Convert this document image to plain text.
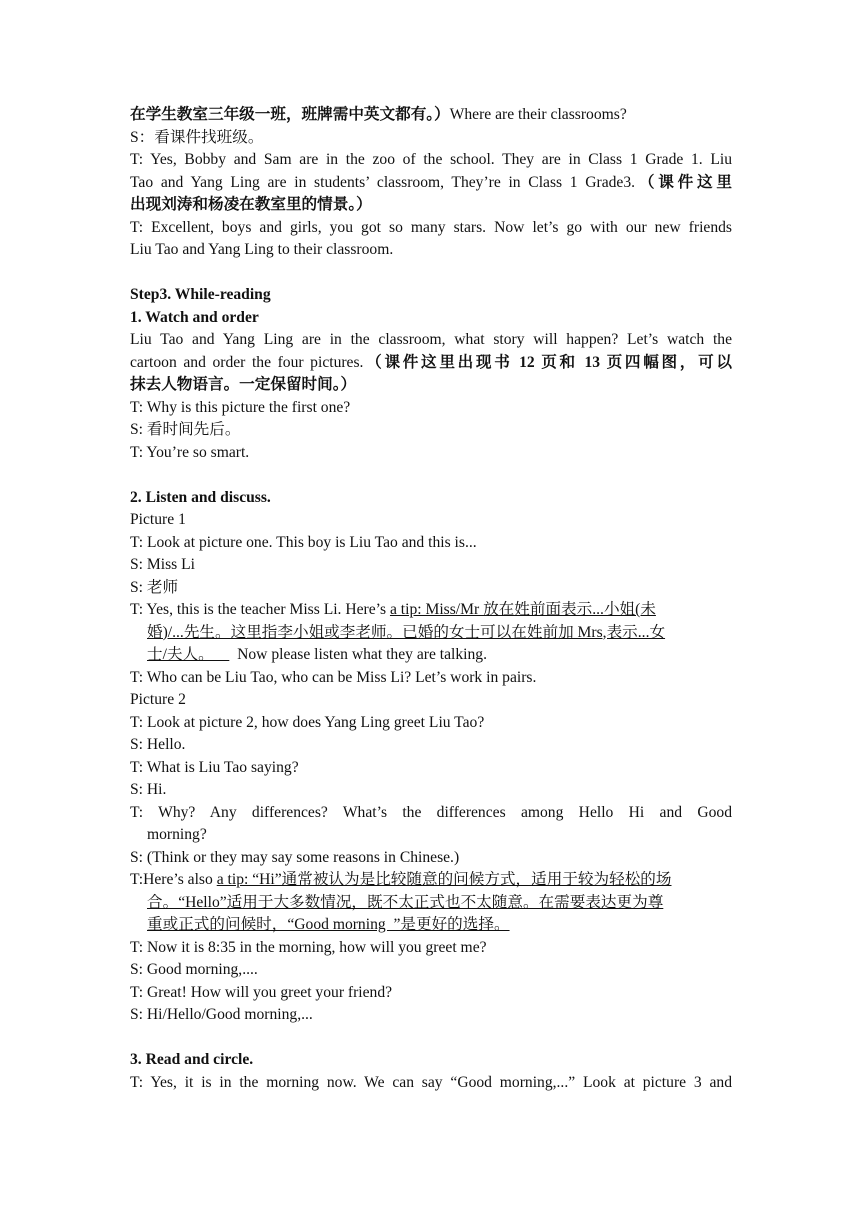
在学生教室三年级一班，班牌需中英文都有。）Where are their classrooms?
S：看课件找班级。
T: Yes, Bobby and Sam are in the zoo of the school. They are in Class 1 Grade 1. Liu
Tao and Yang Ling are in students’ classroom, They’re in Class 1 Grade3.（课件这里
出现刘涛和杨凌在教室里的情景。）
T: Excellent, boys and girls, you got so many stars. Now let’s go with our new friends
Liu Tao and Yang Ling to their classroom.
Step3. While-reading
1. Watch and order
Liu Tao and Yang Ling are in the classroom, what story will happen? Let’s watch the
cartoon and order the four pictures.（课件这里出现书 12 页和 13 页四幅图，可以
抹去人物语言。一定保留时间。）
T: Why is this picture the first one?
S: 看时间先后。
T: You’re so smart.
2. Listen and discuss.
Picture 1
T: Look at picture one. This boy is Liu Tao and this is...
S: Miss Li
S: 老师
T: Yes, this is the teacher Miss Li. Here’s a tip: Miss/Mr 放在姓前面表示...小姐(未
婚)/...先生。这里指李小姐或李老师。已婚的女士可以在姓前加 Mrs,表示...女
士/夫人。      Now please listen what they are talking.
T: Who can be Liu Tao, who can be Miss Li? Let’s work in pairs.
Picture 2
T: Look at picture 2, how does Yang Ling greet Liu Tao?
S: Hello.
T: What is Liu Tao saying?
S: Hi.
T: Why? Any differences? What’s the differences among Hello Hi and Good
morning?
S: (Think or they may say some reasons in Chinese.)
T:Here’s also a tip: “Hi”通常被认为是比较随意的问候方式，适用于较为轻松的场
合。“Hello”适用于大多数情况，既不太正式也不太随意。在需要表达更为尊
重或正式的问候时，“Good morning  ”是更好的选择。
T: Now it is 8:35 in the morning, how will you greet me?
S: Good morning,....
T: Great! How will you greet your friend?
S: Hi/Hello/Good morning,...
3. Read and circle.
T: Yes, it is in the morning now. We can say “Good morning,...” Look at picture 3 and
